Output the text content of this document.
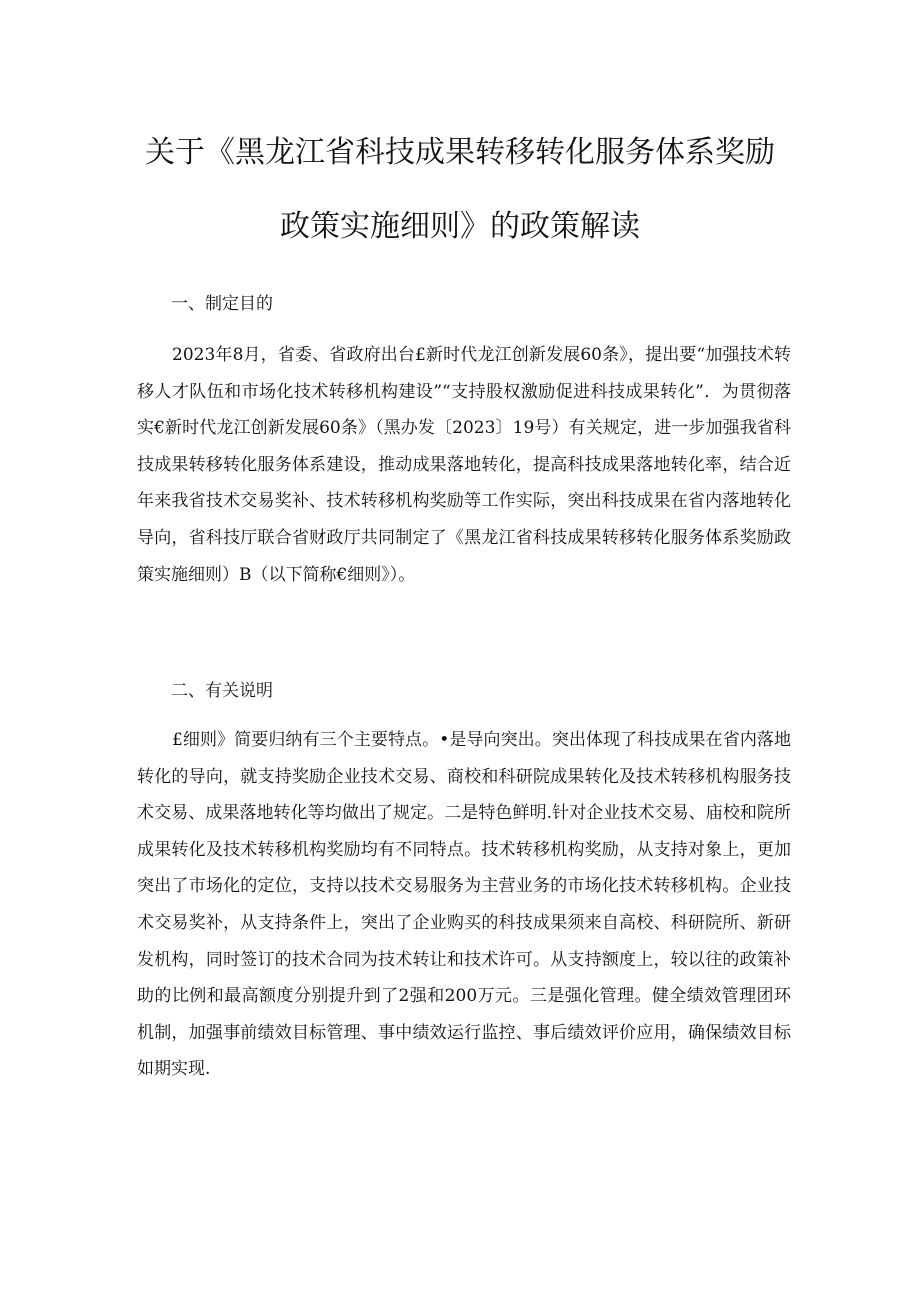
关于《黑龙江省科技成果转移转化服务体系奖励
政策实施细则》的政策解读
一、制定目的
2023年8月，省委、省政府出台£新时代龙江创新发展60条》，提出要“加强技术转移人才队伍和市场化技术转移机构建设”“支持股权激励促进科技成果转化”．为贯彻落实€新时代龙江创新发展60条》（黑办发〔2023〕19号）有关规定，进一步加强我省科技成果转移转化服务体系建设，推动成果落地转化，提高科技成果落地转化率，结合近年来我省技术交易奖补、技术转移机构奖励等工作实际，突出科技成果在省内落地转化导向，省科技厅联合省财政厅共同制定了《黑龙江省科技成果转移转化服务体系奖励政策实施细则）B（以下简称€细则》）。
二、有关说明
£细则》简要归纳有三个主要特点。•是导向突出。突出体现了科技成果在省内落地转化的导向，就支持奖励企业技术交易、商校和科研院成果转化及技术转移机构服务技术交易、成果落地转化等均做出了规定。二是特色鲜明.针对企业技术交易、庙校和院所成果转化及技术转移机构奖励均有不同特点。技术转移机构奖励，从支持对象上，更加突出了市场化的定位，支持以技术交易服务为主营业务的市场化技术转移机构。企业技术交易奖补，从支持条件上，突出了企业购买的科技成果须来自高校、科研院所、新研发机构，同时签订的技术合同为技术转让和技术许可。从支持额度上，较以往的政策补助的比例和最高额度分别提升到了2强和200万元。三是强化管理。健全绩效管理团环机制，加强事前绩效目标管理、事中绩效运行监控、事后绩效评价应用，确保绩效目标如期实现.
